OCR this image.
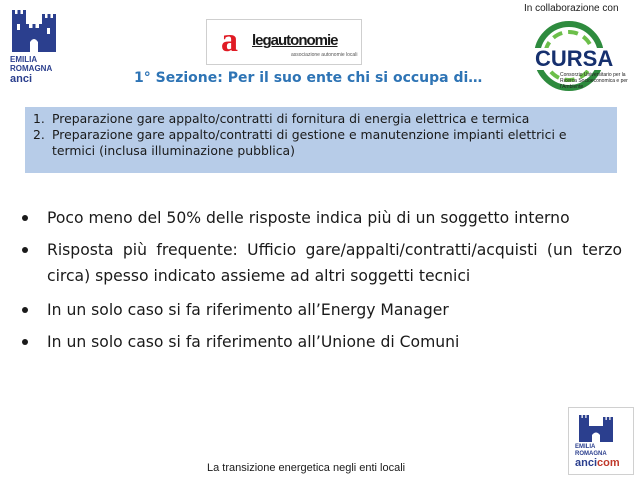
EMILIA
ROMAGNA
anci
a legautonomie
associazione autonomie locali
In collaborazione con
CURSA
Consorzio Universitario per la Ricerca Socioeconomica e per l'Ambiente
1° Sezione: Per il suo ente chi si occupa di…
1. Preparazione gare appalto/contratti di fornitura di energia elettrica e termica
2. Preparazione gare appalto/contratti di gestione e manutenzione impianti elettrici e termici (inclusa illuminazione pubblica)
Poco meno del 50% delle risposte indica più di un soggetto interno
Risposta più frequente: Ufficio gare/appalti/contratti/acquisti (un terzo circa) spesso indicato assieme ad altri soggetti tecnici
In un solo caso si fa riferimento all’Energy Manager
In un solo caso si fa riferimento all’Unione di Comuni
EMILIA
ROMAGNA
ancicom
La transizione energetica negli enti locali
